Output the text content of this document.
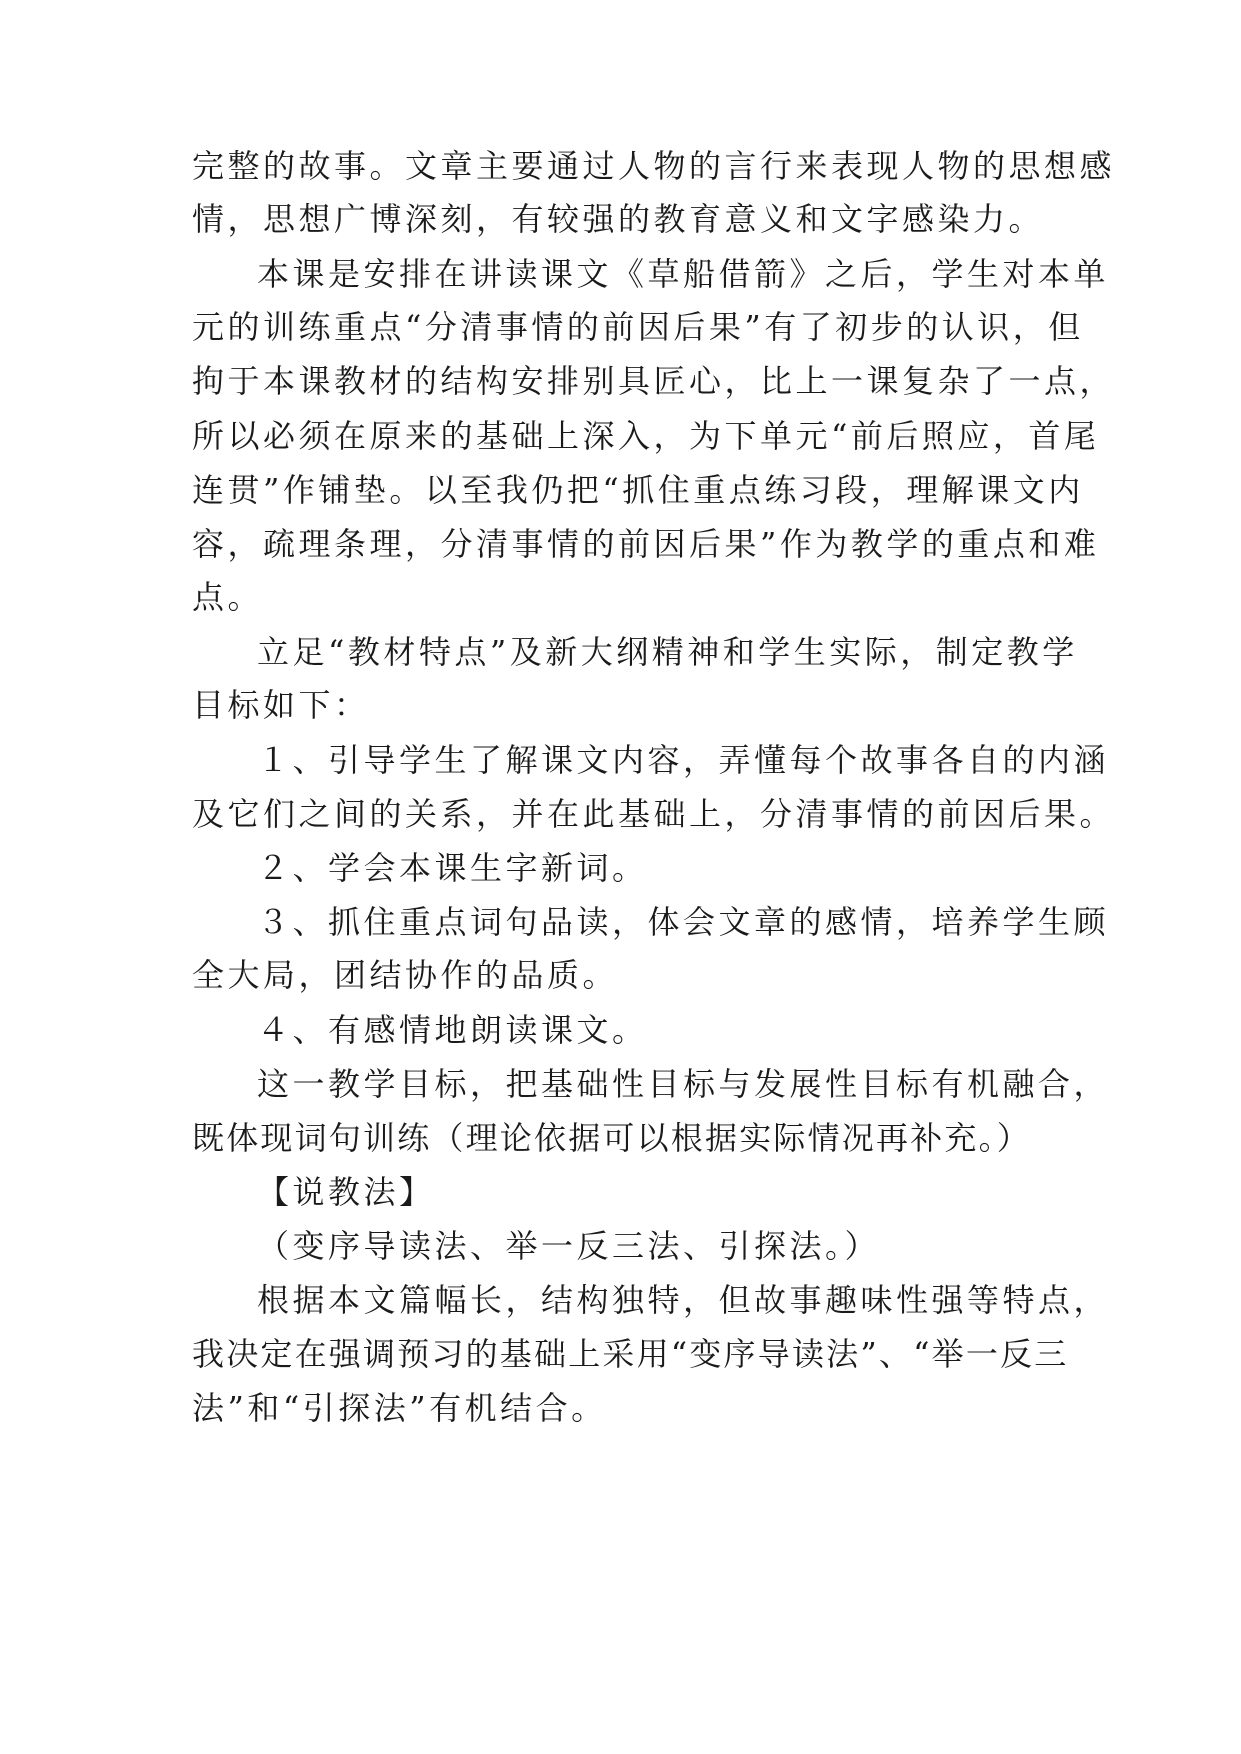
完整的故事。文章主要通过人物的言行来表现人物的思想感
情，思想广博深刻，有较强的教育意义和文字感染力。
本课是安排在讲读课文《草船借箭》之后，学生对本单
元的训练重点“分清事情的前因后果”有了初步的认识，但
拘于本课教材的结构安排别具匠心，比上一课复杂了一点，
所以必须在原来的基础上深入，为下单元“前后照应，首尾
连贯”作铺垫。以至我仍把“抓住重点练习段，理解课文内
容，疏理条理，分清事情的前因后果”作为教学的重点和难
点。
立足“教材特点”及新大纲精神和学生实际，制定教学
目标如下：
１、引导学生了解课文内容，弄懂每个故事各自的内涵
及它们之间的关系，并在此基础上，分清事情的前因后果。
２、学会本课生字新词。
３、抓住重点词句品读，体会文章的感情，培养学生顾
全大局，团结协作的品质。
４、有感情地朗读课文。
这一教学目标，把基础性目标与发展性目标有机融合，
既体现词句训练（理论依据可以根据实际情况再补充。）
【说教法】
（变序导读法、举一反三法、引探法。）
根据本文篇幅长，结构独特，但故事趣味性强等特点，
我决定在强调预习的基础上采用“变序导读法”、“举一反三
法”和“引探法”有机结合。
